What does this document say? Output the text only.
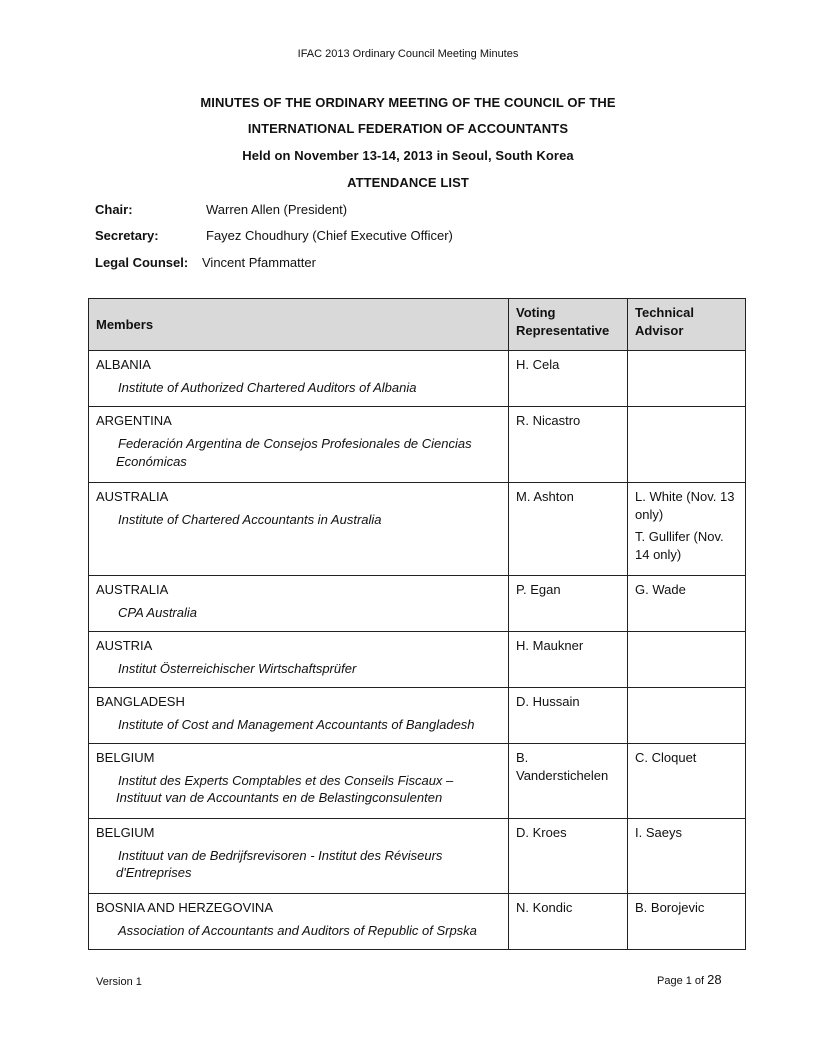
IFAC 2013 Ordinary Council Meeting Minutes
MINUTES OF THE ORDINARY MEETING OF THE COUNCIL OF THE
INTERNATIONAL FEDERATION OF ACCOUNTANTS
Held on November 13-14, 2013 in Seoul, South Korea
ATTENDANCE LIST
Chair:	Warren Allen (President)
Secretary:	Fayez Choudhury (Chief Executive Officer)
Legal Counsel: Vincent Pfammatter
Members	Voting Representative	Technical Advisor

ALBANIA
Institute of Authorized Chartered Auditors of Albania	H. Cela	

ARGENTINA
Federación Argentina de Consejos Profesionales de Ciencias Económicas	R. Nicastro	

AUSTRALIA
Institute of Chartered Accountants in Australia	M. Ashton	L. White (Nov. 13 only)
T. Gullifer (Nov. 14 only)

AUSTRALIA
CPA Australia	P. Egan	G. Wade

AUSTRIA
Institut Österreichischer Wirtschaftsprüfer	H. Maukner	

BANGLADESH
Institute of Cost and Management Accountants of Bangladesh	D. Hussain	

BELGIUM
Institut des Experts Comptables et des Conseils Fiscaux – Instituut van de Accountants en de Belastingconsulenten	B. Vanderstichelen	C. Cloquet

BELGIUM
Instituut van de Bedrijfsrevisoren - Institut des Réviseurs d'Entreprises	D. Kroes	I. Saeys

BOSNIA AND HERZEGOVINA
Association of Accountants and Auditors of Republic of Srpska	N. Kondic	B. Borojevic
Version 1	Page 1 of 28
